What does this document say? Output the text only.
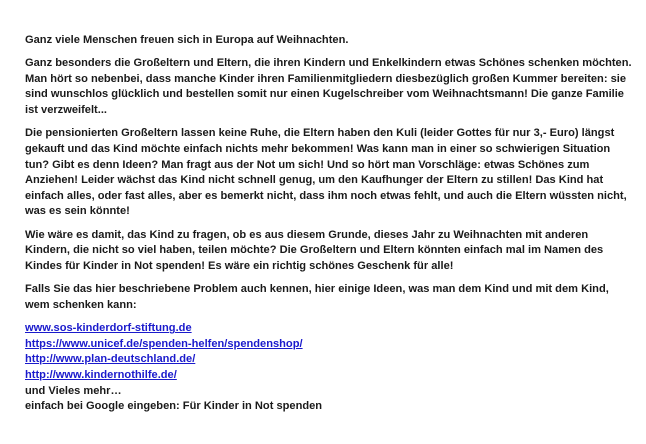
Ganz viele Menschen freuen sich in Europa auf Weihnachten.

Ganz besonders die Großeltern und Eltern, die ihren Kindern und Enkelkindern etwas Schönes schenken möchten. Man hört so nebenbei, dass manche Kinder ihren Familienmitgliedern diesbezüglich großen Kummer bereiten: sie sind wunschlos glücklich und bestellen somit nur einen Kugelschreiber vom Weihnachtsmann! Die ganze Familie ist verzweifelt...

Die pensionierten Großeltern lassen keine Ruhe, die Eltern haben den Kuli (leider Gottes für nur 3,- Euro) längst gekauft und das Kind möchte einfach nichts mehr bekommen! Was kann man in einer so schwierigen Situation tun? Gibt es denn Ideen? Man fragt aus der Not um sich! Und so hört man Vorschläge: etwas Schönes zum Anziehen! Leider wächst das Kind nicht schnell genug, um den Kaufhunger der Eltern zu stillen! Das Kind hat einfach alles, oder fast alles, aber es bemerkt nicht, dass ihm noch etwas fehlt, und auch die Eltern wüssten nicht, was es sein könnte!

Wie wäre es damit, das Kind zu fragen, ob es aus diesem Grunde, dieses Jahr zu Weihnachten mit anderen Kindern, die nicht so viel haben, teilen möchte? Die Großeltern und Eltern könnten einfach mal im Namen des Kindes für Kinder in Not spenden! Es wäre ein richtig schönes Geschenk für alle!

Falls Sie das hier beschriebene Problem auch kennen, hier einige Ideen, was man dem Kind und mit dem Kind, wem schenken kann:

www.sos-kinderdorf-stiftung.de
https://www.unicef.de/spenden-helfen/spendenshop/
http://www.plan-deutschland.de/
http://www.kindernothilfe.de/
und Vieles mehr…
einfach bei Google eingeben: Für Kinder in Not spenden
